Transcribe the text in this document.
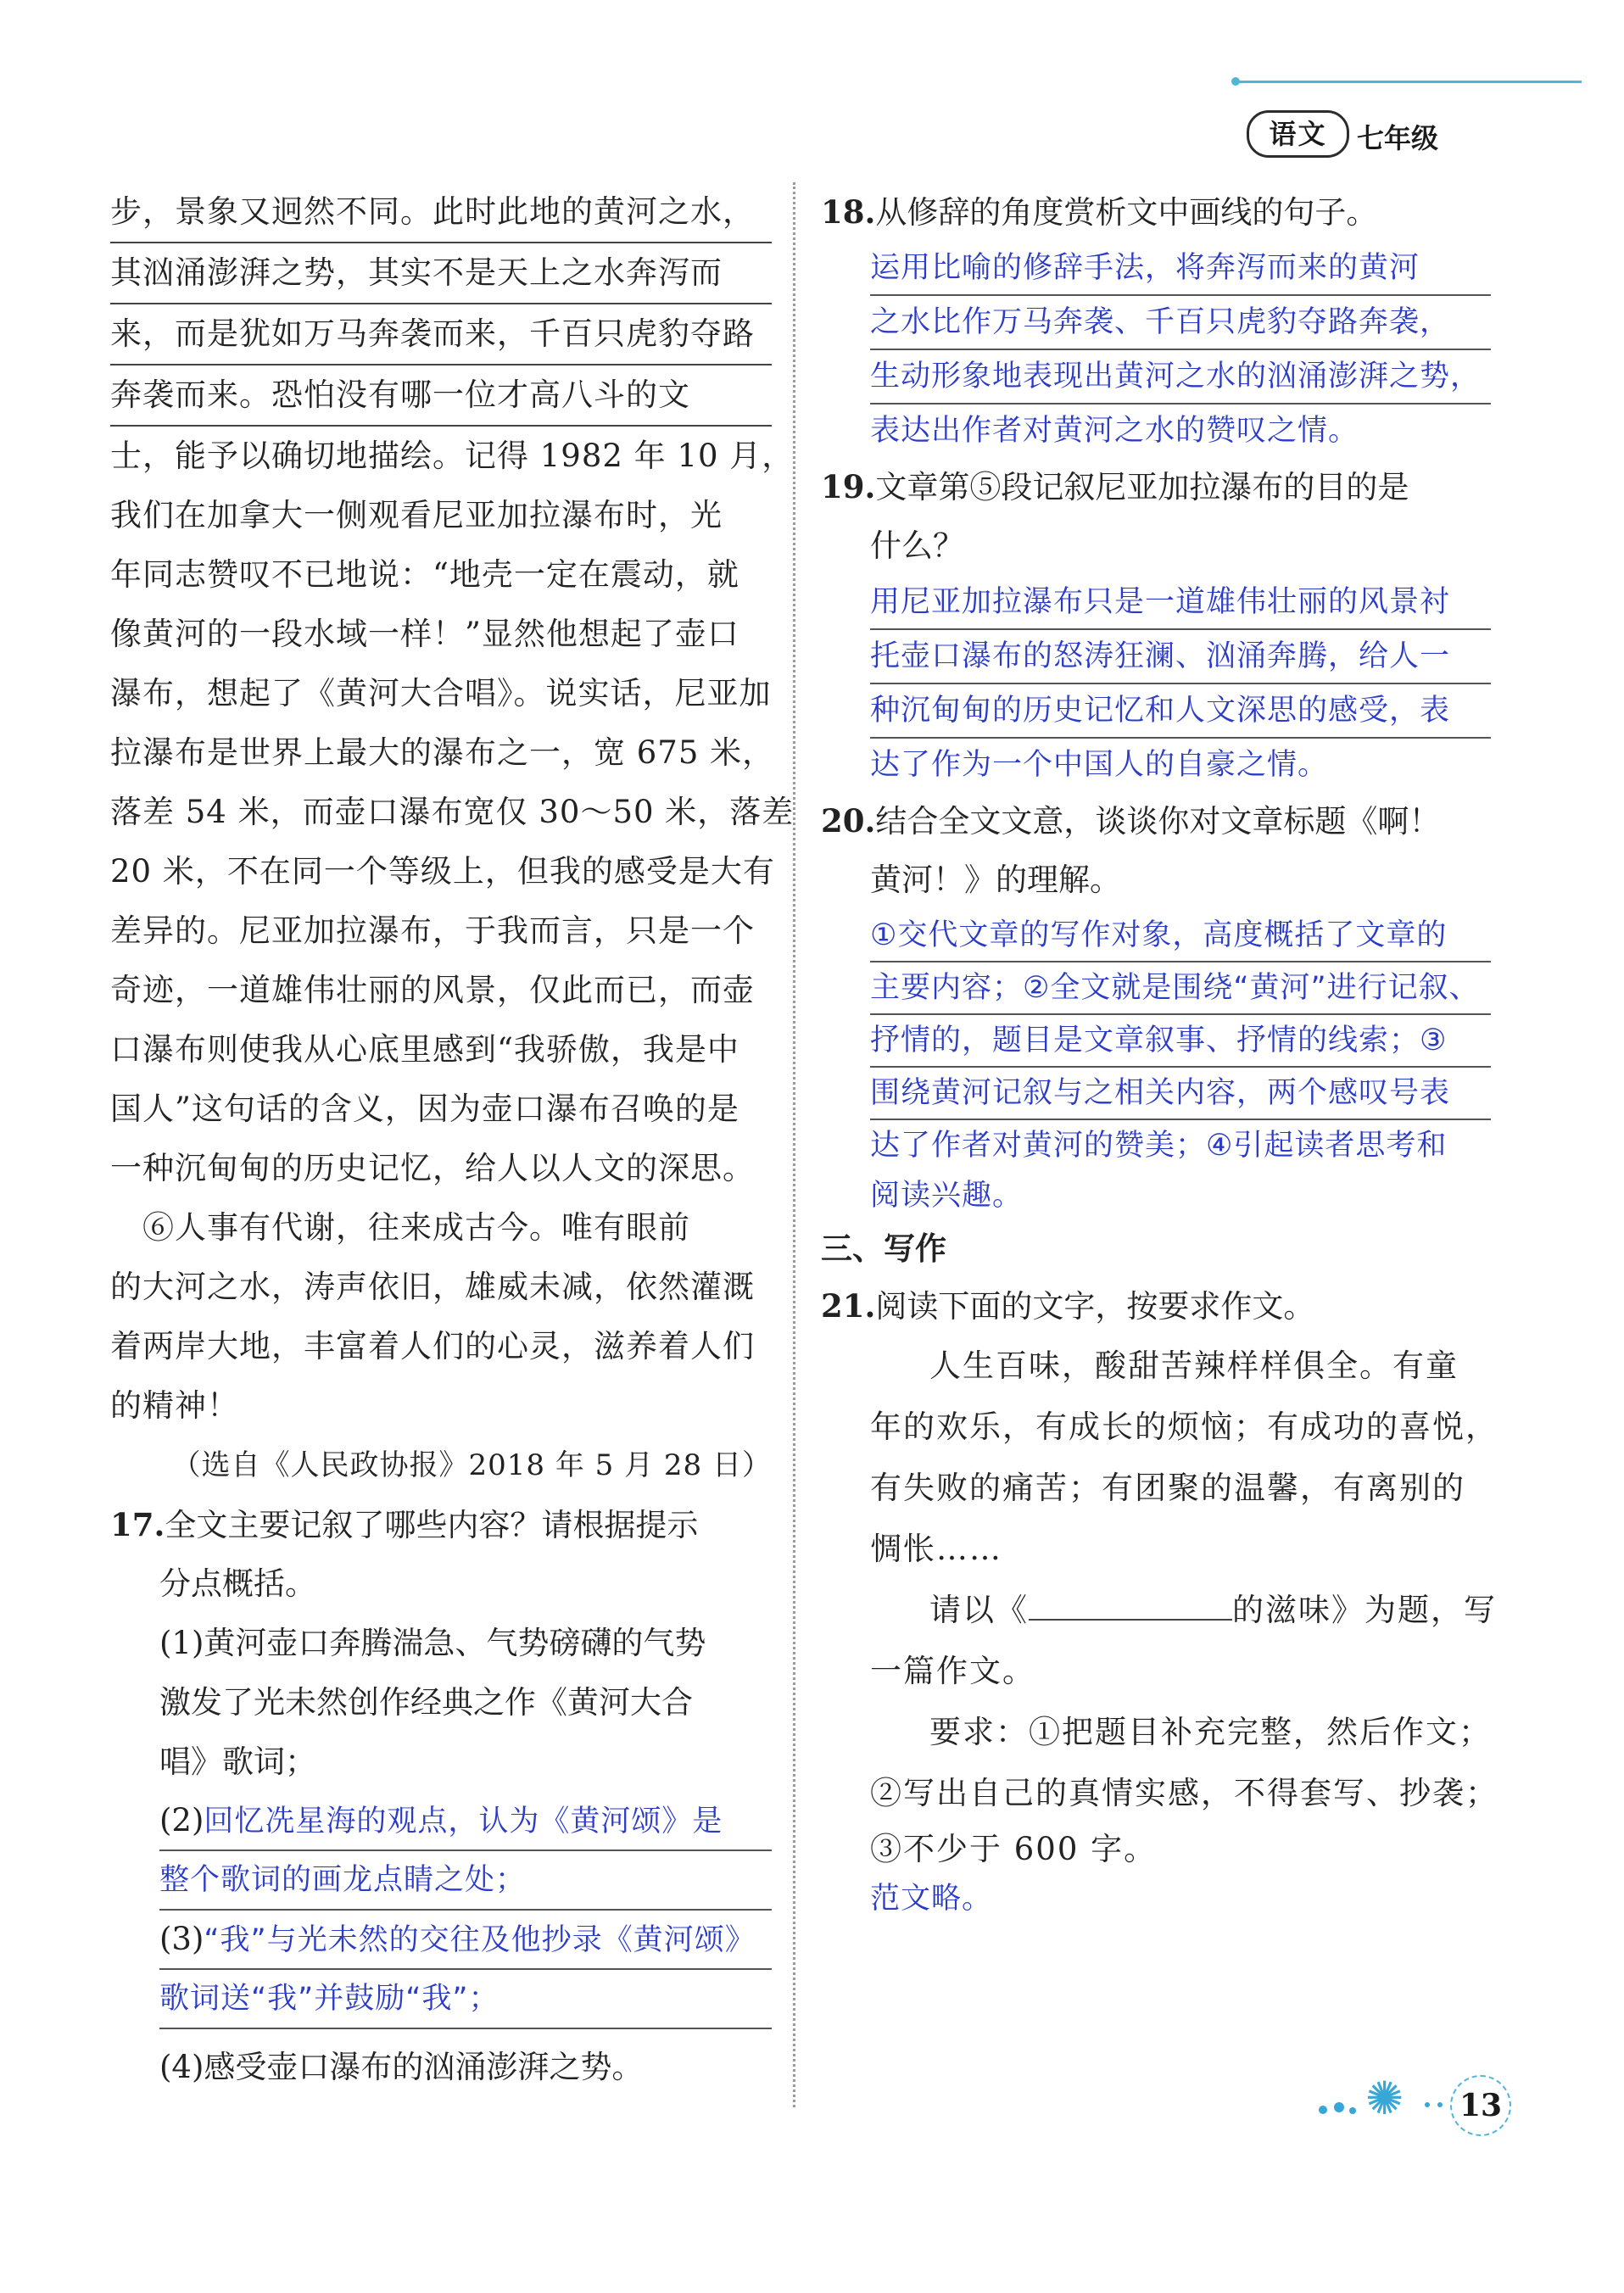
语文	七年级
步，景象又迥然不同。此时此地的黄河之水，
其汹涌澎湃之势，其实不是天上之水奔泻而
来，而是犹如万马奔袭而来，千百只虎豹夺路
奔袭而来。恐怕没有哪一位才高八斗的文
士，能予以确切地描绘。记得 1982 年 10 月，
我们在加拿大一侧观看尼亚加拉瀑布时，光
年同志赞叹不已地说：“地壳一定在震动，就
像黄河的一段水域一样！”显然他想起了壶口
瀑布，想起了《黄河大合唱》。说实话，尼亚加
拉瀑布是世界上最大的瀑布之一，宽 675 米，
落差 54 米，而壶口瀑布宽仅 30～50 米，落差
20 米，不在同一个等级上，但我的感受是大有
差异的。尼亚加拉瀑布，于我而言，只是一个
奇迹，一道雄伟壮丽的风景，仅此而已，而壶
口瀑布则使我从心底里感到“我骄傲，我是中
国人”这句话的含义，因为壶口瀑布召唤的是
一种沉甸甸的历史记忆，给人以人文的深思。
⑥人事有代谢，往来成古今。唯有眼前
的大河之水，涛声依旧，雄威未减，依然灌溉
着两岸大地，丰富着人们的心灵，滋养着人们
的精神！
（选自《人民政协报》2018 年 5 月 28 日）
17.全文主要记叙了哪些内容？请根据提示
分点概括。
(1)黄河壶口奔腾湍急、气势磅礴的气势
激发了光未然创作经典之作《黄河大合
唱》歌词；
(2)回忆冼星海的观点，认为《黄河颂》是
整个歌词的画龙点睛之处；
(3)“我”与光未然的交往及他抄录《黄河颂》
歌词送“我”并鼓励“我”；
(4)感受壶口瀑布的汹涌澎湃之势。
18.从修辞的角度赏析文中画线的句子。
运用比喻的修辞手法，将奔泻而来的黄河
之水比作万马奔袭、千百只虎豹夺路奔袭，
生动形象地表现出黄河之水的汹涌澎湃之势，
表达出作者对黄河之水的赞叹之情。
19.文章第⑤段记叙尼亚加拉瀑布的目的是
什么？
用尼亚加拉瀑布只是一道雄伟壮丽的风景衬
托壶口瀑布的怒涛狂澜、汹涌奔腾，给人一
种沉甸甸的历史记忆和人文深思的感受，表
达了作为一个中国人的自豪之情。
20.结合全文文意，谈谈你对文章标题《啊！
黄河！》的理解。
①交代文章的写作对象，高度概括了文章的
主要内容；②全文就是围绕“黄河”进行记叙、
抒情的，题目是文章叙事、抒情的线索；③
围绕黄河记叙与之相关内容，两个感叹号表
达了作者对黄河的赞美；④引起读者思考和
阅读兴趣。
三、写作
21.阅读下面的文字，按要求作文。
人生百味，酸甜苦辣样样俱全。有童
年的欢乐，有成长的烦恼；有成功的喜悦，
有失败的痛苦；有团聚的温馨，有离别的
惆怅……
请以《	的滋味》为题，写
一篇作文。
要求：①把题目补充完整，然后作文；
②写出自己的真情实感，不得套写、抄袭；
③不少于 600 字。
范文略。
✺	13
